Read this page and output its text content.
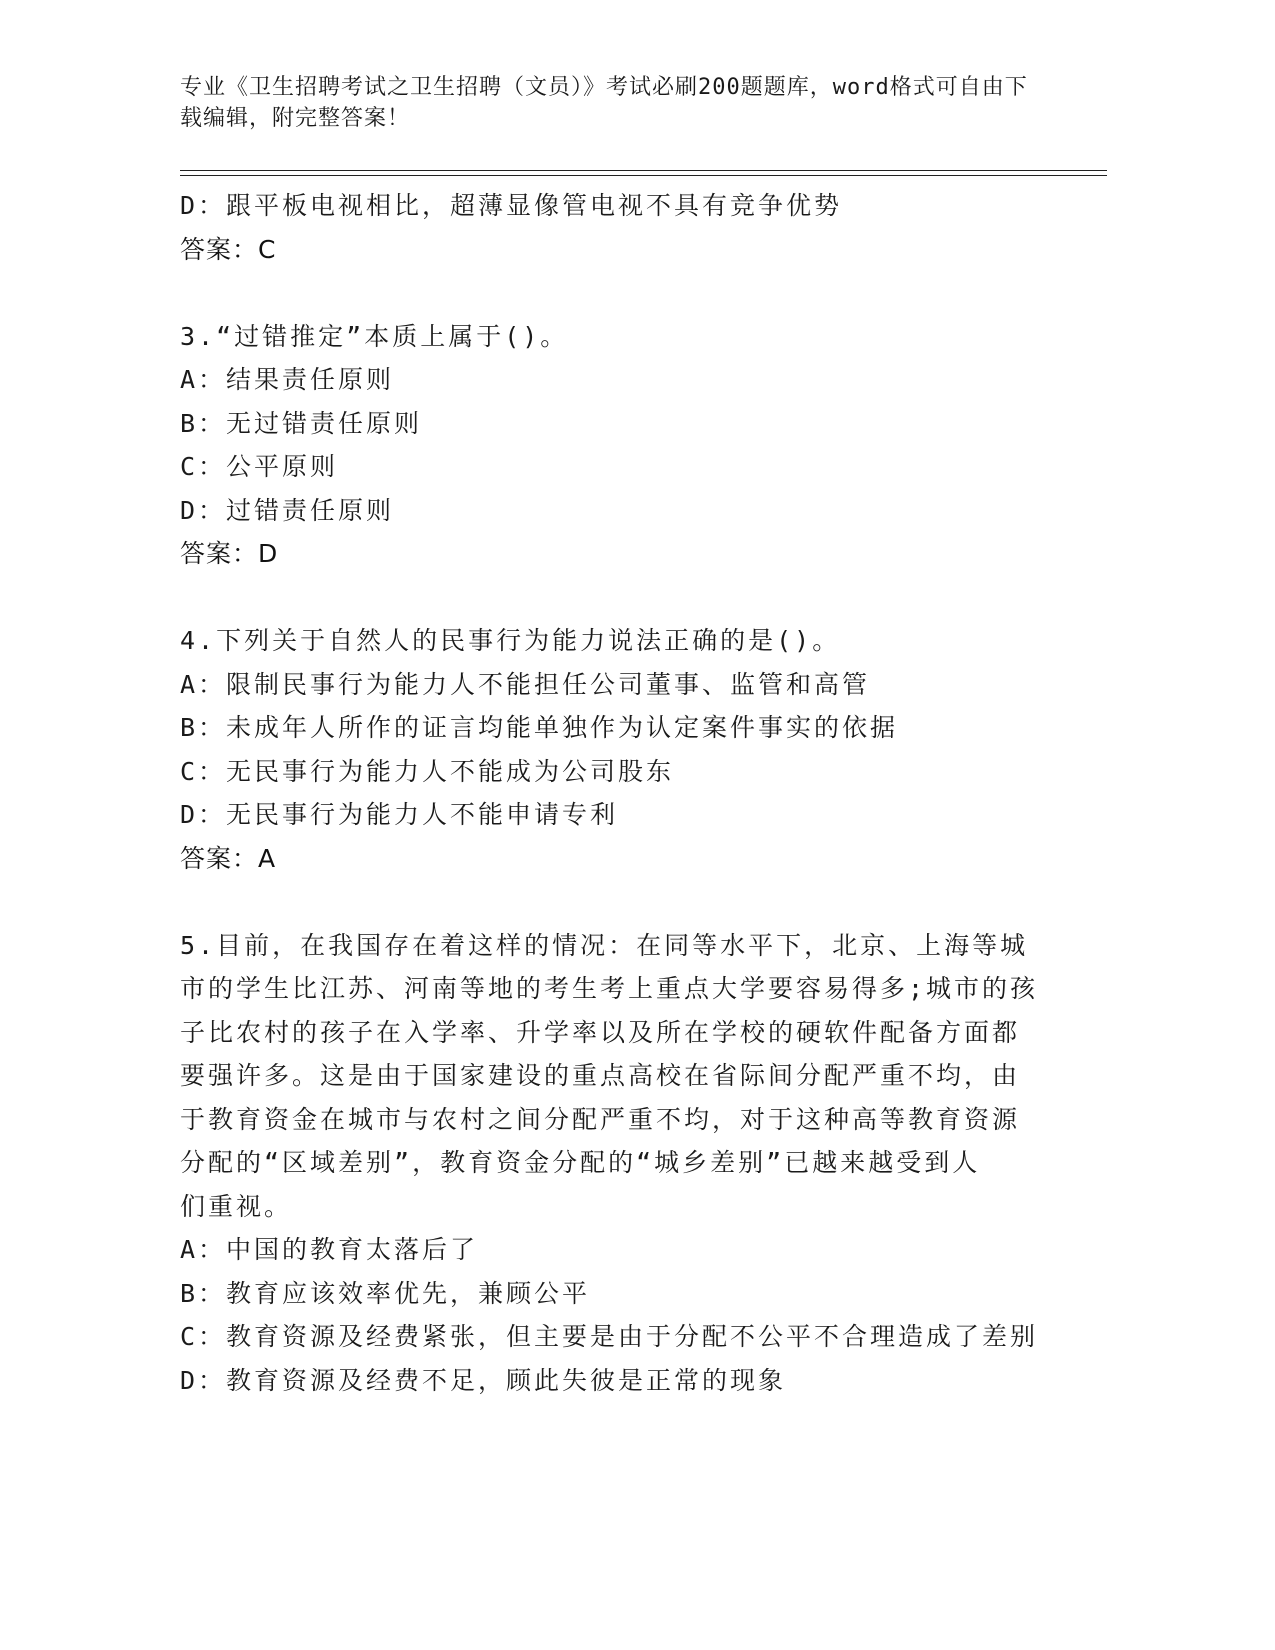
专业《卫生招聘考试之卫生招聘（文员）》考试必刷200题题库，word格式可自由下载编辑，附完整答案！
D：跟平板电视相比，超薄显像管电视不具有竞争优势
答案：C
3.“过错推定”本质上属于()。
A：结果责任原则
B：无过错责任原则
C：公平原则
D：过错责任原则
答案：D
4.下列关于自然人的民事行为能力说法正确的是()。
A：限制民事行为能力人不能担任公司董事、监管和高管
B：未成年人所作的证言均能单独作为认定案件事实的依据
C：无民事行为能力人不能成为公司股东
D：无民事行为能力人不能申请专利
答案：A
5.目前，在我国存在着这样的情况：在同等水平下，北京、上海等城
市的学生比江苏、河南等地的考生考上重点大学要容易得多;城市的孩
子比农村的孩子在入学率、升学率以及所在学校的硬软件配备方面都
要强许多。这是由于国家建设的重点高校在省际间分配严重不均，由
于教育资金在城市与农村之间分配严重不均，对于这种高等教育资源
分配的“区域差别”，教育资金分配的“城乡差别”已越来越受到人
们重视。
A：中国的教育太落后了
B：教育应该效率优先，兼顾公平
C：教育资源及经费紧张，但主要是由于分配不公平不合理造成了差别
D：教育资源及经费不足，顾此失彼是正常的现象
